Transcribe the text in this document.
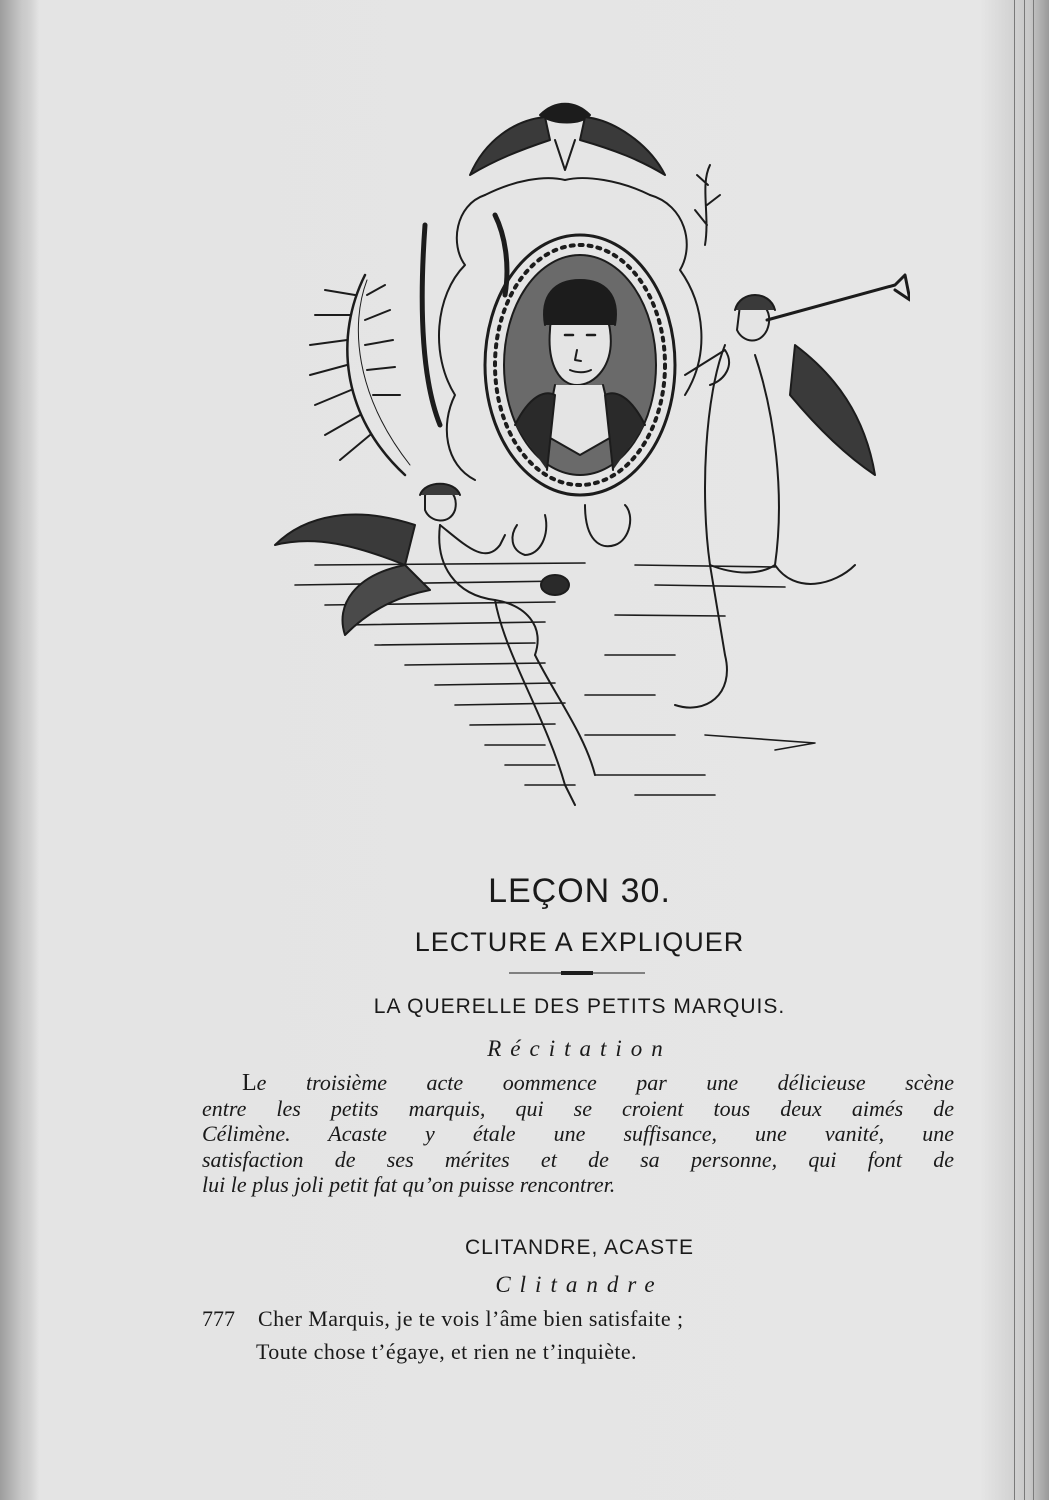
LEÇON 30.
LECTURE A EXPLIQUER
LA QUERELLE DES PETITS MARQUIS.
Récitation
Le troisième acte oommence par une délicieuse scène
entre les petits marquis, qui se croient tous deux aimés de
Célimène. Acaste y étale une suffisance, une vanité, une
satisfaction de ses mérites et de sa personne, qui font de
lui le plus joli petit fat qu’on puisse rencontrer.
CLITANDRE, ACASTE
Clitandre
777 Cher Marquis, je te vois l’âme bien satisfaite ;
Toute chose t’égaye, et rien ne t’inquiète.
